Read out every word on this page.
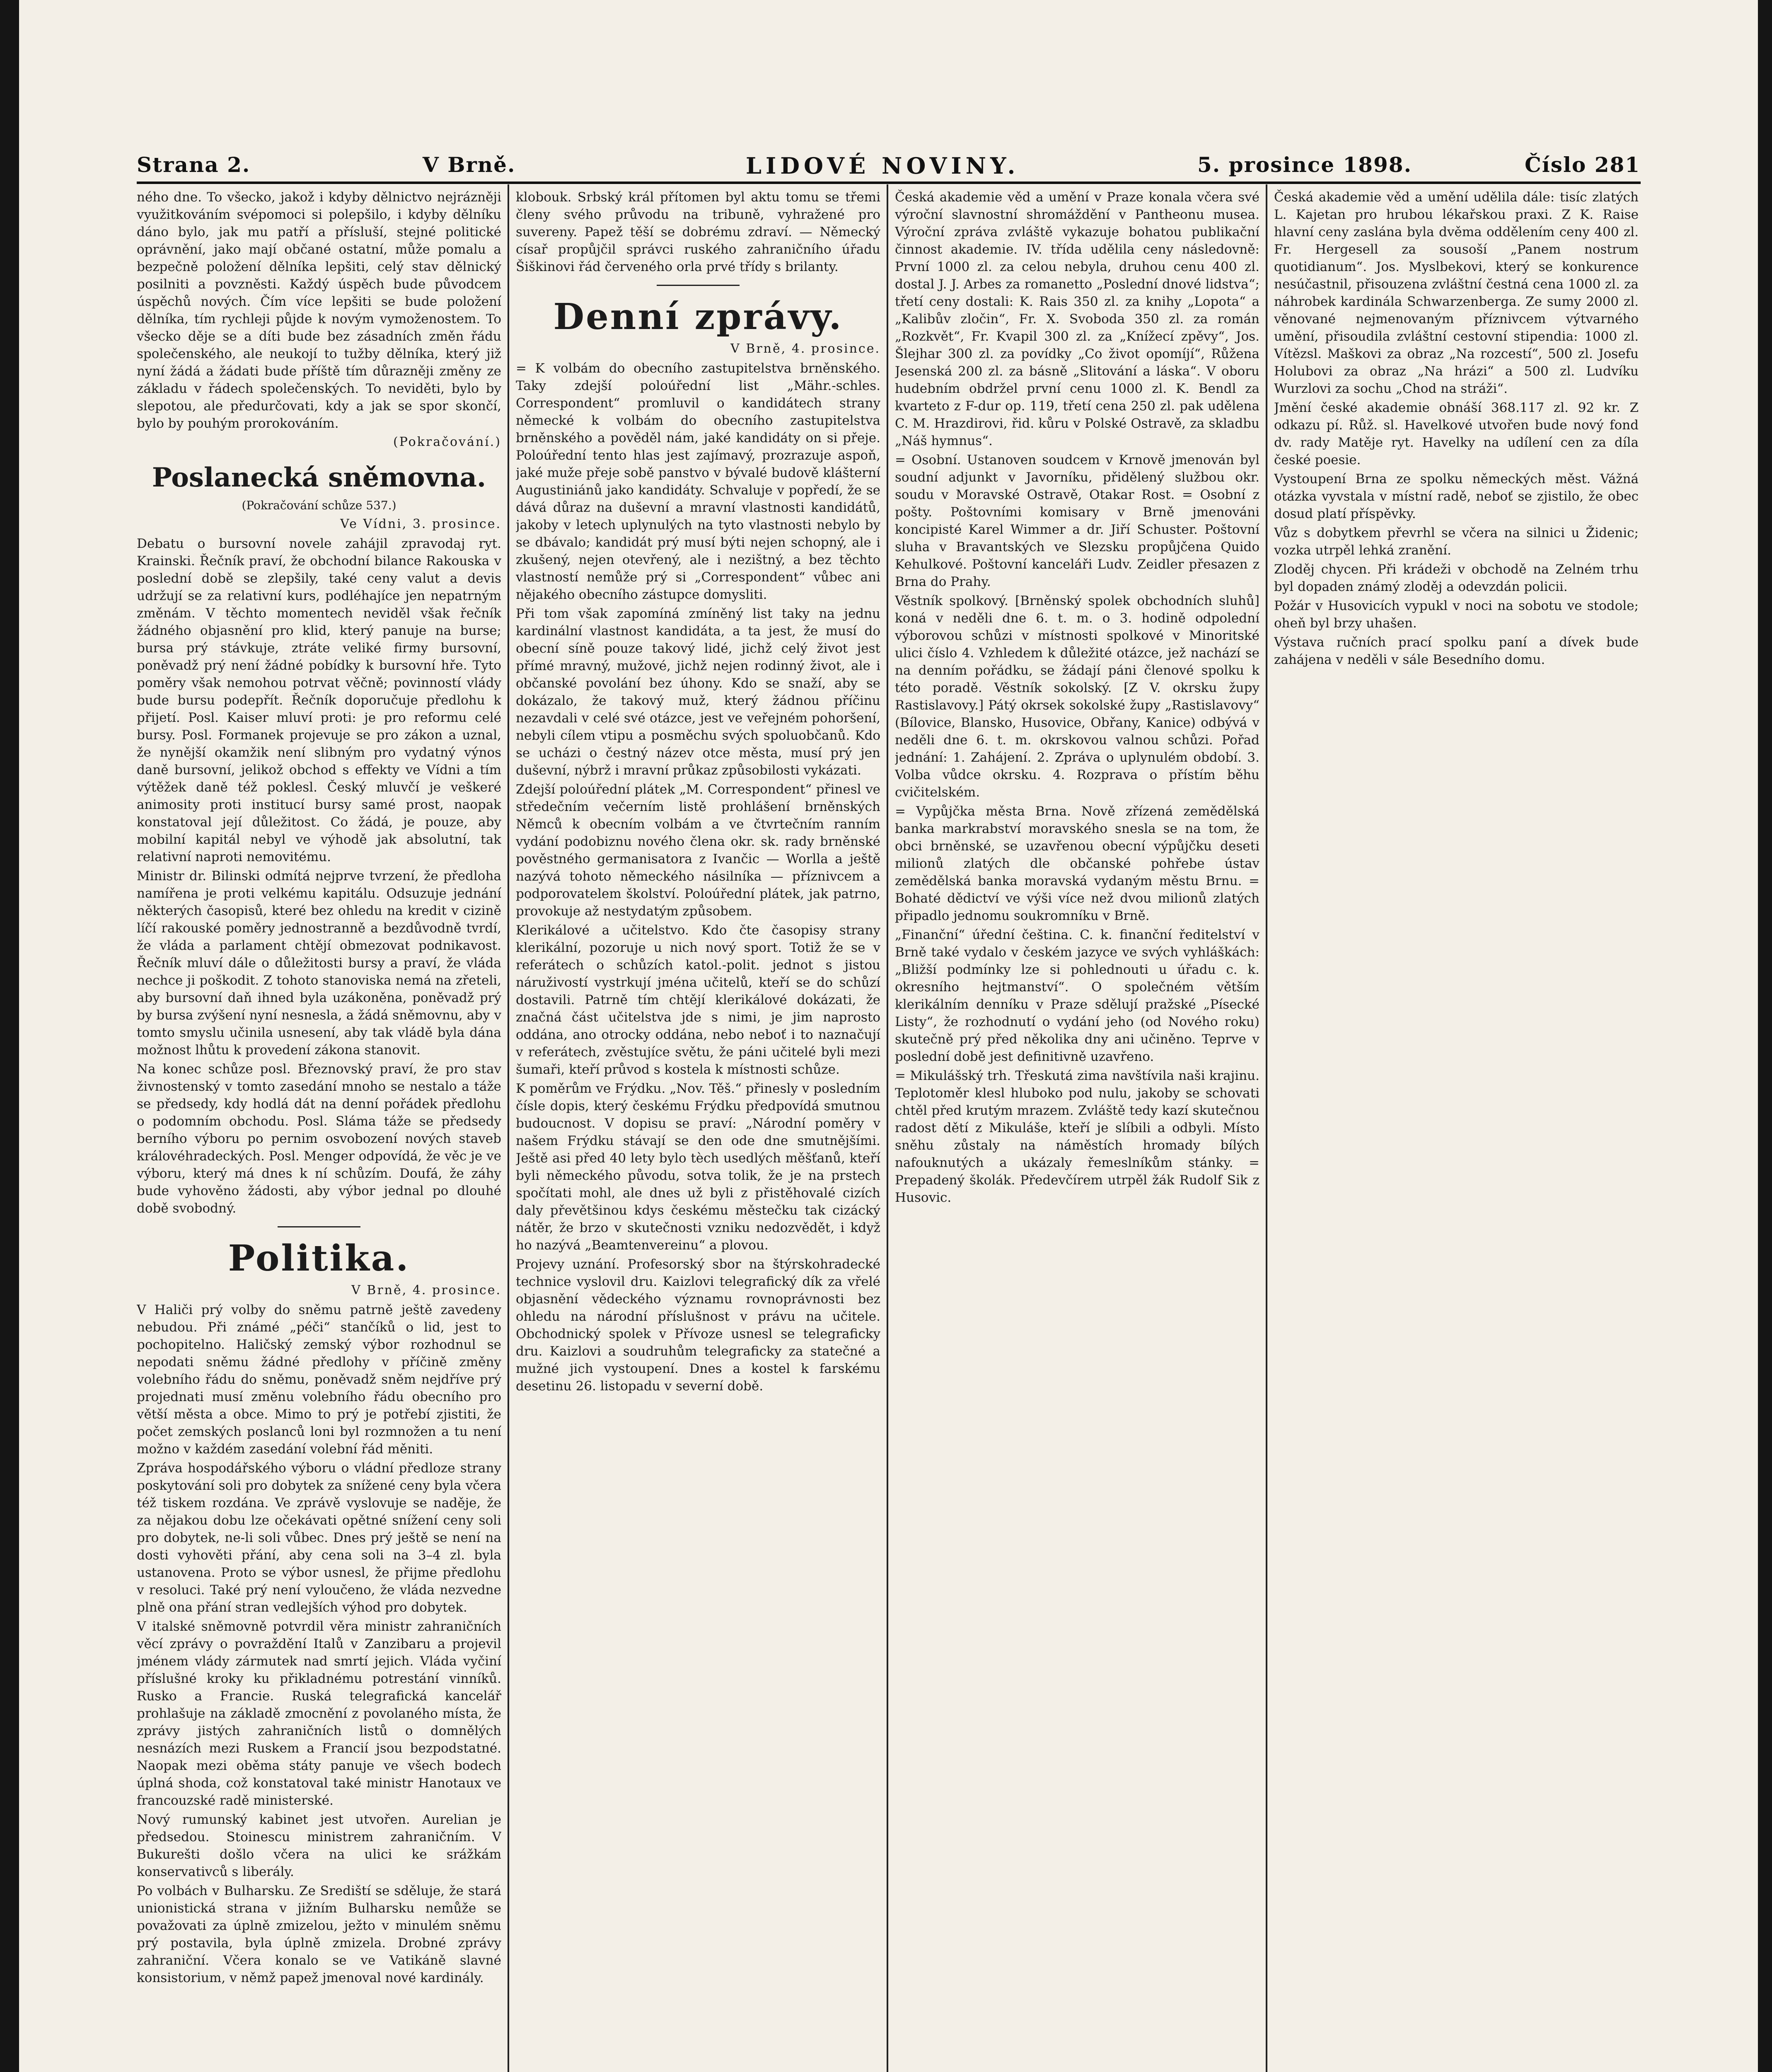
Strana 2.	V Brně.	LIDOVÉ NOVINY.	5. prosince 1898.	Číslo 281

ného dne. To všecko, jakož i kdyby dělnictvo nejrázněji využitkováním svépomoci si polepšilo, i kdyby dělníku dáno bylo, jak mu patří a přísluší, stejné politické oprávnění, jako mají občané ostatní, může pomalu a bezpečně položení dělníka lepšiti, celý stav dělnický posilniti a povzněsti. Každý úspěch bude původcem úspěchů nových. Čím více lepšiti se bude položení dělníka, tím rychleji půjde k novým vymoženostem. To všecko děje se a díti bude bez zásadních změn řádu společenského, ale neukojí to tužby dělníka, který již nyní žádá a žádati bude příště tím důrazněji změny ze základu v řádech společenských. To neviděti, bylo by slepotou, ale předurčovati, kdy a jak se spor skončí, bylo by pouhým prorokováním.

(Pokračování.)

Poslanecká sněmovna.

(Pokračování schůze 537.)

Ve Vídni, 3. prosince.

Debatu o bursovní novele zahájil zpravodaj ryt. Krainski. Řečník praví, že obchodní bilance Rakouska v poslední době se zlepšily, také ceny valut a devis udržují se za relativní kurs, podléhajíce jen nepatrným změnám. V těchto momentech neviděl však řečník žádného objasnění pro klid, který panuje na burse; bursa prý stávkuje, ztráte veliké firmy bursovní, poněvadž prý není žádné pobídky k bursovní hře. Tyto poměry však nemohou potrvat věčně; povinností vlády bude bursu podepřít. Řečník doporučuje předlohu k přijetí. Posl. Kaiser mluví proti: je pro reformu celé bursy. Posl. Formanek projevuje se pro zákon a uznal, že nynější okamžik není slibným pro vydatný výnos daně bursovní, jelikož obchod s effekty ve Vídni a tím výtěžek daně též poklesl. Český mluvčí je veškeré animosity proti institucí bursy samé prost, naopak konstatoval její důležitost. Co žádá, je pouze, aby mobilní kapitál nebyl ve výhodě jak absolutní, tak relativní naproti nemovitému.

Ministr dr. Bilinski odmítá nejprve tvrzení, že předloha namířena je proti velkému kapitálu. Odsuzuje jednání některých časopisů, které bez ohledu na kredit v cizině líčí rakouské poměry jednostranně a bezdůvodně tvrdí, že vláda a parlament chtějí obmezovat podnikavost. Řečník mluví dále o důležitosti bursy a praví, že vláda nechce ji poškodit. Z tohoto stanoviska nemá na zřeteli, aby bursovní daň ihned byla uzákoněna, poněvadž prý by bursa zvýšení nyní nesnesla, a žádá sněmovnu, aby v tomto smyslu učinila usnesení, aby tak vládě byla dána možnost lhůtu k provedení zákona stanovit.

Na konec schůze posl. Březnovský praví, že pro stav živnostenský v tomto zasedání mnoho se nestalo a táže se předsedy, kdy hodlá dát na denní pořádek předlohu o podomním obchodu. Posl. Sláma táže se předsedy berního výboru po pernim osvobození nových staveb královéhradeckých. Posl. Menger odpovídá, že věc je ve výboru, který má dnes k ní schůzím. Doufá, že záhy bude vyhověno žádosti, aby výbor jednal po dlouhé době svobodný.

Politika.

V Brně, 4. prosince.

V Haliči prý volby do sněmu patrně ještě zavedeny nebudou. Při známé „péči“ stančíků o lid, jest to pochopitelno. Haličský zemský výbor rozhodnul se nepodati sněmu žádné předlohy v příčině změny volebního řádu do sněmu, poněvadž sněm nejdříve prý projednati musí změnu volebního řádu obecního pro větší města a obce. Mimo to prý je potřebí zjistiti, že počet zemských poslanců loni byl rozmnožen a tu není možno v každém zasedání volební řád měniti.

Zpráva hospodářského výboru o vládní předloze strany poskytování soli pro dobytek za snížené ceny byla včera též tiskem rozdána. Ve zprávě vyslovuje se naděje, že za nějakou dobu lze očekávati opětné snížení ceny soli pro dobytek, ne-li soli vůbec. Dnes prý ještě se není na dosti vyhověti přání, aby cena soli na 3–4 zl. byla ustanovena. Proto se výbor usnesl, že přijme předlohu v resoluci. Také prý není vyloučeno, že vláda nezvedne plně ona přání stran vedlejších výhod pro dobytek.

V italské sněmovně potvrdil věra ministr zahraničních věcí zprávy o povraždění Italů v Zanzibaru a projevil jménem vlády zármutek nad smrtí jejich. Vláda vyčiní příslušné kroky ku přikladnému potrestání vinníků. Rusko a Francie. Ruská telegrafická kancelář prohlašuje na základě zmocnění z povolaného místa, že zprávy jistých zahraničních listů o domnělých nesnázích mezi Ruskem a Francií jsou bezpodstatné. Naopak mezi oběma státy panuje ve všech bodech úplná shoda, což konstatoval také ministr Hanotaux ve francouzské radě ministerské.

Nový rumunský kabinet jest utvořen. Aurelian je předsedou. Stoinescu ministrem zahraničním. V Bukurešti došlo včera na ulici ke srážkám konservativců s liberály.

Po volbách v Bulharsku. Ze Srediští se sděluje, že stará unionistická strana v jižním Bulharsku nemůže se považovati za úplně zmizelou, ježto v minulém sněmu prý postavila, byla úplně zmizela. Drobné zprávy zahraniční. Včera konalo se ve Vatikáně slavné konsistorium, v němž papež jmenoval nové kardinály.

klobouk. Srbský král přítomen byl aktu tomu se třemi členy svého průvodu na tribuně, vyhražené pro suvereny. Papež těší se dobrému zdraví. — Německý císař propůjčil správci ruského zahraničního úřadu Šiškinovi řád červeného orla prvé třídy s brilanty.

Denní zprávy.

V Brně, 4. prosince.

= K volbám do obecního zastupitelstva brněnského. Taky zdejší poloúřední list „Mähr.-schles. Correspondent“ promluvil o kandidátech strany německé k volbám do obecního zastupitelstva brněnského a pověděl nám, jaké kandidáty on si přeje. Poloúřední tento hlas jest zajímavý, prozrazuje aspoň, jaké muže přeje sobě panstvo v bývalé budově klášterní Augustiniánů jako kandidáty. Schvaluje v popředí, že se dává důraz na duševní a mravní vlastnosti kandidátů, jakoby v letech uplynulých na tyto vlastnosti nebylo by se dbávalo; kandidát prý musí býti nejen schopný, ale i zkušený, nejen otevřený, ale i nezištný, a bez těchto vlastností nemůže prý si „Correspondent“ vůbec ani nějakého obecního zástupce domysliti.

Při tom však zapomíná zmíněný list taky na jednu kardinální vlastnost kandidáta, a ta jest, že musí do obecní síně pouze takový lidé, jichž celý život jest přímé mravný, mužové, jichž nejen rodinný život, ale i občanské povolání bez úhony. Kdo se snaží, aby se dokázalo, že takový muž, který žádnou příčinu nezavdali v celé své otázce, jest ve veřejném pohoršení, nebyli cílem vtipu a posměchu svých spoluobčanů. Kdo se ucházi o čestný název otce města, musí prý jen duševní, nýbrž i mravní průkaz způsobilosti vykázati.

Zdejší poloúřední plátek „M. Correspondent“ přinesl ve středečním večerním listě prohlášení brněnských Němců k obecním volbám a ve čtvrtečním ranním vydání podobiznu nového člena okr. sk. rady brněnské pověstného germanisatora z Ivančic — Worlla a ještě nazývá tohoto německého násilníka — příznivcem a podporovatelem školství. Poloúřední plátek, jak patrno, provokuje až nestydatým způsobem.

Klerikálové a učitelstvo. Kdo čte časopisy strany klerikální, pozoruje u nich nový sport. Totiž že se v referátech o schůzích katol.-polit. jednot s jistou náruživostí vystrkují jména učitelů, kteří se do schůzí dostavili. Patrně tím chtějí klerikálové dokázati, že značná část učitelstva jde s nimi, je jim naprosto oddána, ano otrocky oddána, nebo neboť i to naznačují v referátech, zvěstujíce světu, že páni učitelé byli mezi šumaři, kteří průvod s kostela k místnosti schůze.

K poměrům ve Frýdku. „Nov. Těš.“ přinesly v posledním čísle dopis, který českému Frýdku předpovídá smutnou budoucnost. V dopisu se praví: „Národní poměry v našem Frýdku stávají se den ode dne smutnějšími. Ještě asi před 40 lety bylo tèch usedlých měšťanů, kteří byli německého původu, sotva tolik, že je na prstech spočítati mohl, ale dnes už byli z přistěhovalé cizích daly převětšinou kdys českému městečku tak cizácký nátěr, že brzo v skutečnosti vzniku nedozvědět, i když ho nazývá „Beamtenvereinu“ a plovou.

Projevy uznání. Profesorský sbor na štýrskohradecké technice vyslovil dru. Kaizlovi telegrafický dík za vřelé objasnění vědeckého významu rovnoprávnosti bez ohledu na národní příslušnost v právu na učitele. Obchodnický spolek v Přívoze usnesl se telegraficky dru. Kaizlovi a soudruhům telegraficky za statečné a mužné jich vystoupení. Dnes a kostel k farskému desetinu 26. listopadu v severní době.

Česká akademie věd a umění v Praze konala včera své výroční slavnostní shromáždění v Pantheonu musea. Výroční zpráva zvláště vykazuje bohatou publikační činnost akademie. IV. třída udělila ceny následovně: První 1000 zl. za celou nebyla, druhou cenu 400 zl. dostal J. J. Arbes za romanetto „Poslední dnové lidstva“; třetí ceny dostali: K. Rais 350 zl. za knihy „Lopota“ a „Kalibův zločin“, Fr. X. Svoboda 350 zl. za román „Rozkvět“, Fr. Kvapil 300 zl. za „Knížecí zpěvy“, Jos. Šlejhar 300 zl. za povídky „Co život opomíjí“, Růžena Jesenská 200 zl. za básně „Slitování a láska“. V oboru hudebním obdržel první cenu 1000 zl. K. Bendl za kvarteto z F-dur op. 119, třetí cena 250 zl. pak udělena C. M. Hrazdirovi, řid. kůru v Polské Ostravě, za skladbu „Náš hymnus“.

= Osobní. Ustanoven soudcem v Krnově jmenován byl soudní adjunkt v Javorníku, přidělený službou okr. soudu v Moravské Ostravě, Otakar Rost. = Osobní z pošty. Poštovními komisary v Brně jmenováni koncipisté Karel Wimmer a dr. Jiří Schuster. Poštovní sluha v Bravantských ve Slezsku propůjčena Quido Kehulkové. Poštovní kanceláři Ludv. Zeidler přesazen z Brna do Prahy.

Věstník spolkový. [Brněnský spolek obchodních sluhů] koná v neděli dne 6. t. m. o 3. hodině odpolední výborovou schůzi v místnosti spolkové v Minoritské ulici číslo 4. Vzhledem k důležité otázce, jež nachází se na denním pořádku, se žádají páni členové spolku k této poradě. Věstník sokolský. [Z V. okrsku župy Rastislavovy.] Pátý okrsek sokolské župy „Rastislavovy“ (Bílovice, Blansko, Husovice, Obřany, Kanice) odbývá v neděli dne 6. t. m. okrskovou valnou schůzi. Pořad jednání: 1. Zahájení. 2. Zpráva o uplynulém období. 3. Volba vůdce okrsku. 4. Rozprava o přístím běhu cvičitelském.

= Vypůjčka města Brna. Nově zřízená zemědělská banka markrabství moravského snesla se na tom, že obci brněnské, se uzavřenou obecní výpůjčku deseti milionů zlatých dle občanské pohřebe ústav zemědělská banka moravská vydaným městu Brnu. = Bohaté dědictví ve výši více než dvou milionů zlatých připadlo jednomu soukromníku v Brně.

„Finanční“ úřední čeština. C. k. finanční ředitelství v Brně také vydalo v českém jazyce ve svých vyhláškách: „Bližší podmínky lze si pohlednouti u úřadu c. k. okresního hejtmanství“. O společném větším klerikálním denníku v Praze sdělují pražské „Písecké Listy“, že rozhodnutí o vydání jeho (od Nového roku) skutečně prý před několika dny ani učiněno. Teprve v poslední době jest definitivně uzavřeno.

= Mikulášský trh. Třeskutá zima navštívila naši krajinu. Teplotoměr klesl hluboko pod nulu, jakoby se schovati chtěl před krutým mrazem. Zvláště tedy kazí skutečnou radost dětí z Mikuláše, kteří je slíbili a odbyli. Místo sněhu zůstaly na náměstích hromady bílých nafouknutých a ukázaly řemeslníkům stánky. = Prepadený školák. Předevčírem utrpěl žák Rudolf Sik z Husovic.

Česká akademie věd a umění udělila dále: tisíc zlatých L. Kajetan pro hrubou lékařskou praxi. Z K. Raise hlavní ceny zaslána byla dvěma oddělením ceny 400 zl. Fr. Hergesell za sousoší „Panem nostrum quotidianum“. Jos. Myslbekovi, který se konkurence nesúčastnil, přisouzena zvláštní čestná cena 1000 zl. za náhrobek kardinála Schwarzenberga. Ze sumy 2000 zl. věnované nejmenovaným příznivcem výtvarného umění, přisoudila zvláštní cestovní stipendia: 1000 zl. Vítězsl. Maškovi za obraz „Na rozcestí“, 500 zl. Josefu Holubovi za obraz „Na hrázi“ a 500 zl. Ludvíku Wurzlovi za sochu „Chod na stráži“.

Jmění české akademie obnáší 368.117 zl. 92 kr. Z odkazu pí. Růž. sl. Havelkové utvořen bude nový fond dv. rady Matěje ryt. Havelky na udílení cen za díla české poesie.

Vystoupení Brna ze spolku německých měst. Vážná otázka vyvstala v místní radě, neboť se zjistilo, že obec dosud platí příspěvky.

Vůz s dobytkem převrhl se včera na silnici u Židenic; vozka utrpěl lehká zranění.

Zloděj chycen. Při krádeži v obchodě na Zelném trhu byl dopaden známý zloděj a odevzdán policii.

Požár v Husovicích vypukl v noci na sobotu ve stodole; oheň byl brzy uhašen.

Výstava ručních prací spolku paní a dívek bude zahájena v neděli v sále Besedního domu.
